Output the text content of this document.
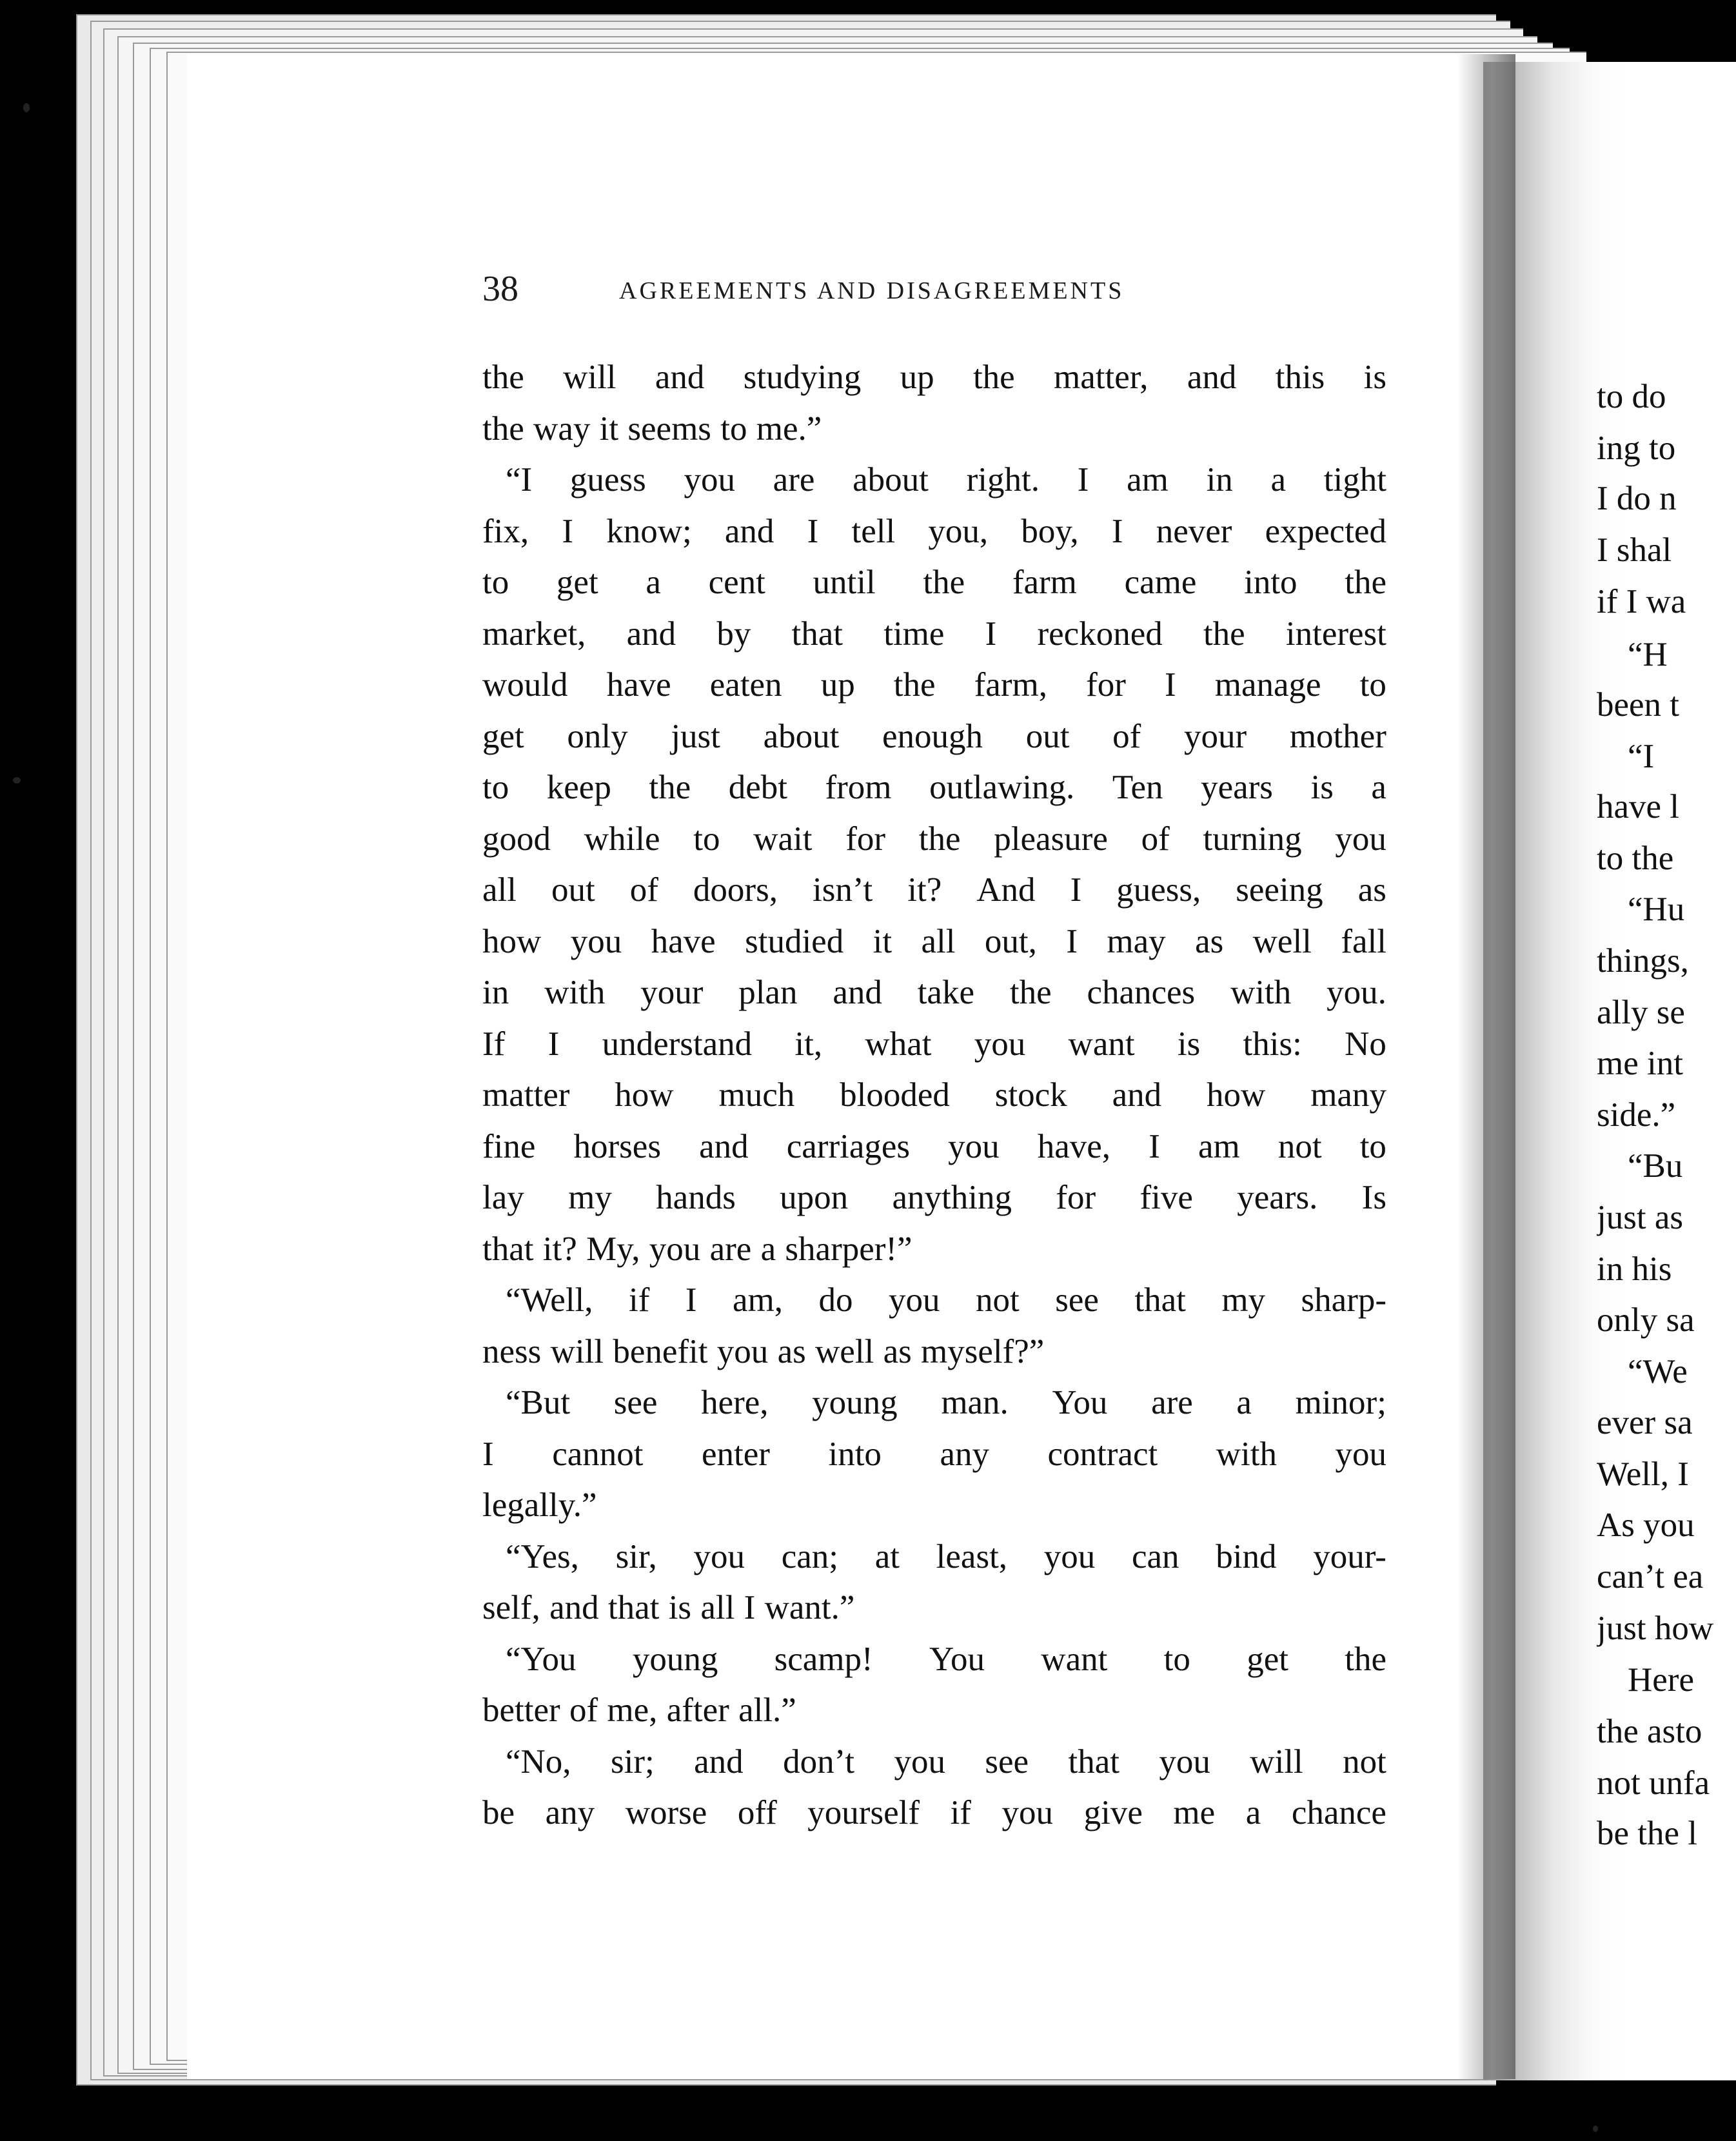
38	AGREEMENTS AND DISAGREEMENTS
the will and studying up the matter, and this is
the way it seems to me.”
“I guess you are about right. I am in a tight
fix, I know; and I tell you, boy, I never expected
to get a cent until the farm came into the
market, and by that time I reckoned the interest
would have eaten up the farm, for I manage to
get only just about enough out of your mother
to keep the debt from outlawing. Ten years is a
good while to wait for the pleasure of turning you
all out of doors, isn’t it? And I guess, seeing as
how you have studied it all out, I may as well fall
in with your plan and take the chances with you.
If I understand it, what you want is this: No
matter how much blooded stock and how many
fine horses and carriages you have, I am not to
lay my hands upon anything for five years. Is
that it? My, you are a sharper!”
“Well, if I am, do you not see that my sharp-
ness will benefit you as well as myself?”
“But see here, young man. You are a minor;
I cannot enter into any contract with you
legally.”
“Yes, sir, you can; at least, you can bind your-
self, and that is all I want.”
“You young scamp! You want to get the
better of me, after all.”
“No, sir; and don’t you see that you will not
be any worse off yourself if you give me a chance
to do
ing to
I do n
I shal
if I wa
“H
been t
“I
have l
to the
“Hu
things,
ally se
me int
side.”
“Bu
just as
in his
only sa
“We
ever sa
Well, I
As you
can’t ea
just how
Here
the asto
not unfa
be the l
